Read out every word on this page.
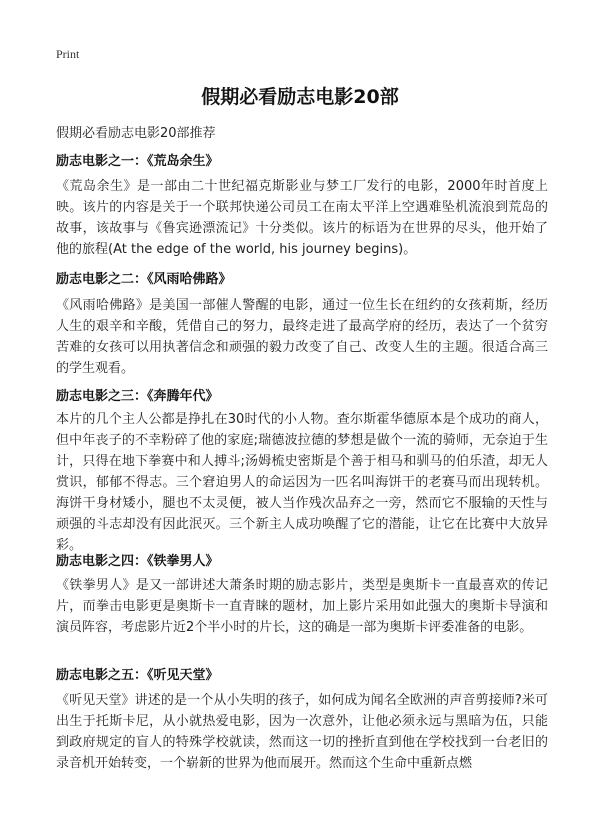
Print
假期必看励志电影20部
假期必看励志电影20部推荐
励志电影之一：《荒岛余生》
《荒岛余生》是一部由二十世纪福克斯影业与梦工厂发行的电影，2000年时首度上映。该片的内容是关于一个联邦快递公司员工在南太平洋上空遇难坠机流浪到荒岛的故事，该故事与《鲁宾逊漂流记》十分类似。该片的标语为在世界的尽头，他开始了他的旅程(At the edge of the world, his journey begins)。
励志电影之二：《风雨哈佛路》
《风雨哈佛路》是美国一部催人警醒的电影，通过一位生长在纽约的女孩莉斯，经历人生的艰辛和辛酸，凭借自己的努力，最终走进了最高学府的经历，表达了一个贫穷苦难的女孩可以用执著信念和顽强的毅力改变了自己、改变人生的主题。很适合高三的学生观看。
励志电影之三：《奔腾年代》
本片的几个主人公都是挣扎在30时代的小人物。查尔斯霍华德原本是个成功的商人，但中年丧子的不幸粉碎了他的家庭;瑞德波拉德的梦想是做个一流的骑师，无奈迫于生计，只得在地下拳赛中和人搏斗;汤姆梳史密斯是个善于相马和驯马的伯乐渣，却无人赏识，郁郁不得志。三个窘迫男人的命运因为一匹名叫海饼干的老赛马而出现转机。海饼干身材矮小，腿也不太灵便，被人当作残次品弃之一旁，然而它不服输的天性与顽强的斗志却没有因此泯灭。三个新主人成功唤醒了它的潜能，让它在比赛中大放异彩。
励志电影之四：《铁拳男人》
《铁拳男人》是又一部讲述大萧条时期的励志影片，类型是奥斯卡一直最喜欢的传记片，而拳击电影更是奥斯卡一直青睐的题材，加上影片采用如此强大的奥斯卡导演和演员阵容，考虑影片近2个半小时的片长，这的确是一部为奥斯卡评委准备的电影。
励志电影之五：《听见天堂》
《听见天堂》讲述的是一个从小失明的孩子，如何成为闻名全欧洲的声音剪接师?米可出生于托斯卡尼，从小就热爱电影，因为一次意外，让他必须永远与黑暗为伍，只能到政府规定的盲人的特殊学校就读，然而这一切的挫折直到他在学校找到一台老旧的录音机开始转变，一个崭新的世界为他而展开。然而这个生命中重新点燃
